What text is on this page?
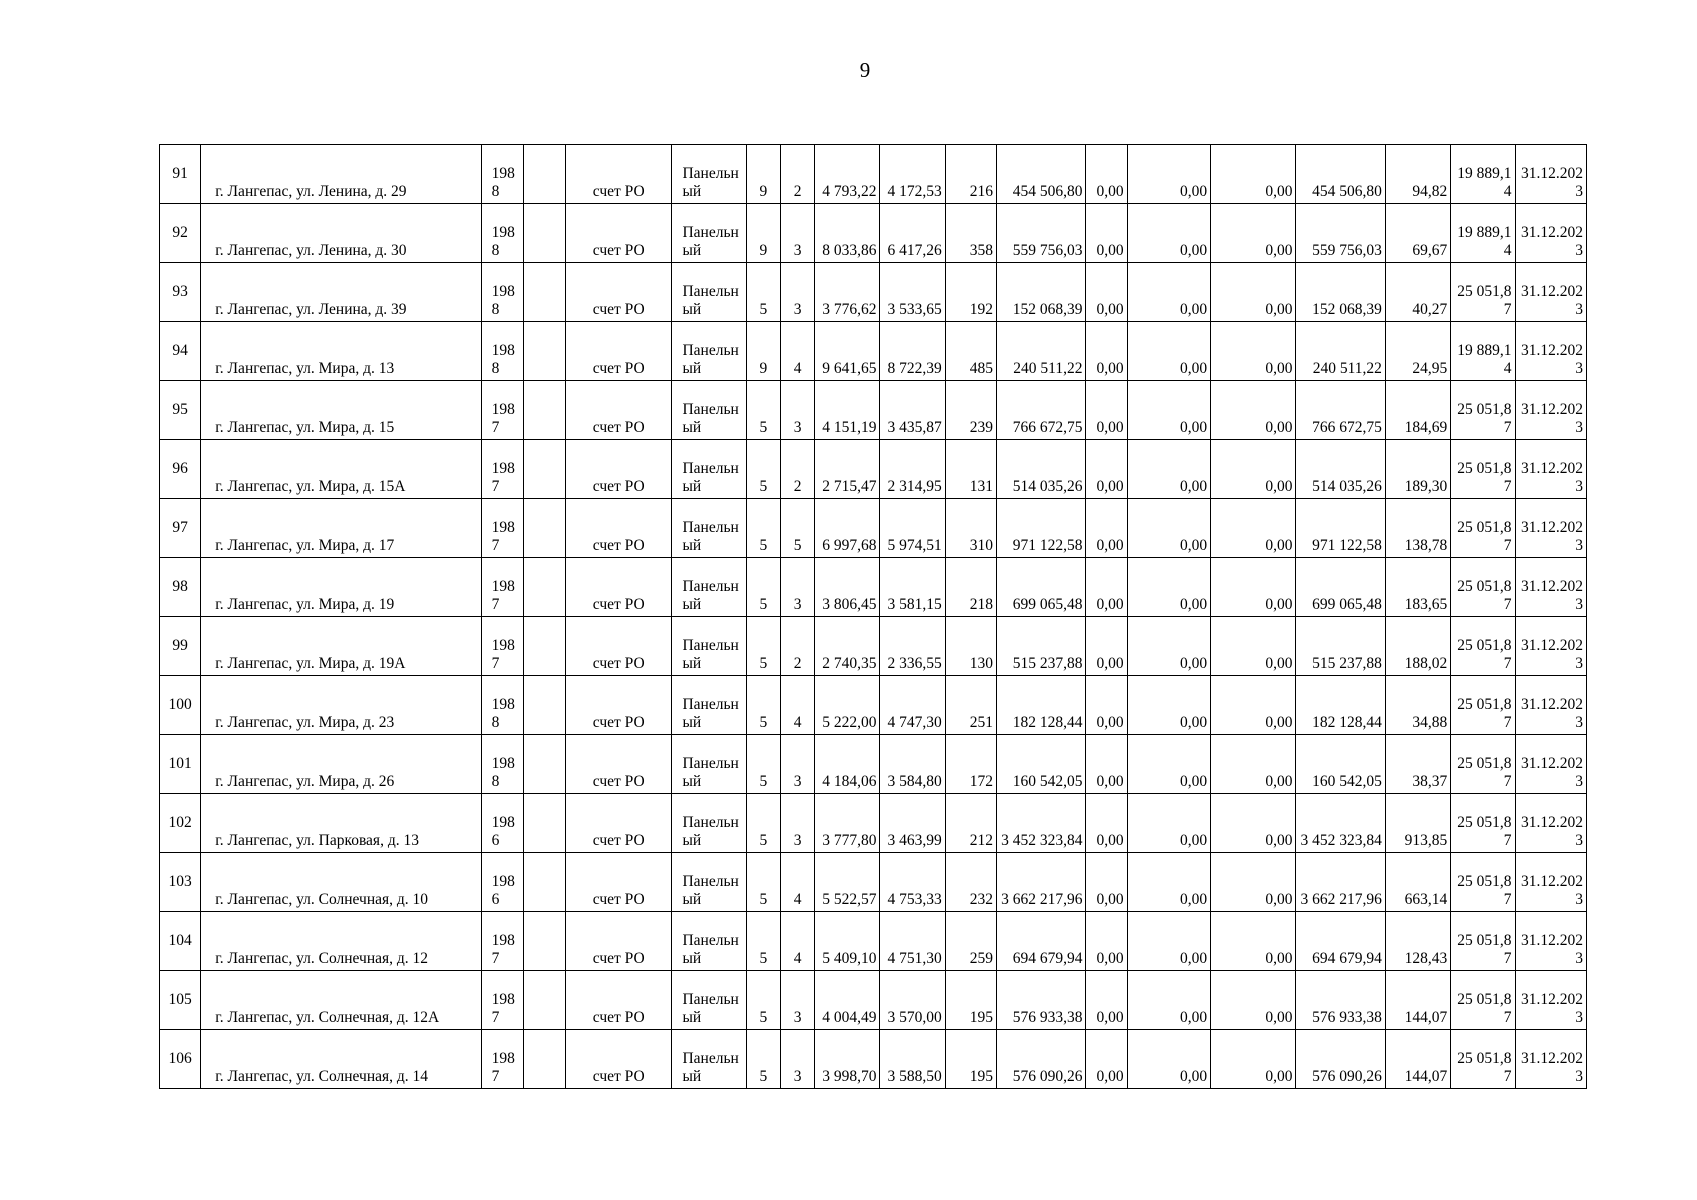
9
91	г. Лангепас, ул. Ленина, д. 29	1988		счет РО	Панельный	9	2	4 793,22	4 172,53	216	454 506,80	0,00	0,00	0,00	454 506,80	94,82	19 889,14	31.12.2023
92	г. Лангепас, ул. Ленина, д. 30	1988		счет РО	Панельный	9	3	8 033,86	6 417,26	358	559 756,03	0,00	0,00	0,00	559 756,03	69,67	19 889,14	31.12.2023
93	г. Лангепас, ул. Ленина, д. 39	1988		счет РО	Панельный	5	3	3 776,62	3 533,65	192	152 068,39	0,00	0,00	0,00	152 068,39	40,27	25 051,87	31.12.2023
94	г. Лангепас, ул. Мира, д. 13	1988		счет РО	Панельный	9	4	9 641,65	8 722,39	485	240 511,22	0,00	0,00	0,00	240 511,22	24,95	19 889,14	31.12.2023
95	г. Лангепас, ул. Мира, д. 15	1987		счет РО	Панельный	5	3	4 151,19	3 435,87	239	766 672,75	0,00	0,00	0,00	766 672,75	184,69	25 051,87	31.12.2023
96	г. Лангепас, ул. Мира, д. 15А	1987		счет РО	Панельный	5	2	2 715,47	2 314,95	131	514 035,26	0,00	0,00	0,00	514 035,26	189,30	25 051,87	31.12.2023
97	г. Лангепас, ул. Мира, д. 17	1987		счет РО	Панельный	5	5	6 997,68	5 974,51	310	971 122,58	0,00	0,00	0,00	971 122,58	138,78	25 051,87	31.12.2023
98	г. Лангепас, ул. Мира, д. 19	1987		счет РО	Панельный	5	3	3 806,45	3 581,15	218	699 065,48	0,00	0,00	0,00	699 065,48	183,65	25 051,87	31.12.2023
99	г. Лангепас, ул. Мира, д. 19А	1987		счет РО	Панельный	5	2	2 740,35	2 336,55	130	515 237,88	0,00	0,00	0,00	515 237,88	188,02	25 051,87	31.12.2023
100	г. Лангепас, ул. Мира, д. 23	1988		счет РО	Панельный	5	4	5 222,00	4 747,30	251	182 128,44	0,00	0,00	0,00	182 128,44	34,88	25 051,87	31.12.2023
101	г. Лангепас, ул. Мира, д. 26	1988		счет РО	Панельный	5	3	4 184,06	3 584,80	172	160 542,05	0,00	0,00	0,00	160 542,05	38,37	25 051,87	31.12.2023
102	г. Лангепас, ул. Парковая, д. 13	1986		счет РО	Панельный	5	3	3 777,80	3 463,99	212	3 452 323,84	0,00	0,00	0,00	3 452 323,84	913,85	25 051,87	31.12.2023
103	г. Лангепас, ул. Солнечная, д. 10	1986		счет РО	Панельный	5	4	5 522,57	4 753,33	232	3 662 217,96	0,00	0,00	0,00	3 662 217,96	663,14	25 051,87	31.12.2023
104	г. Лангепас, ул. Солнечная, д. 12	1987		счет РО	Панельный	5	4	5 409,10	4 751,30	259	694 679,94	0,00	0,00	0,00	694 679,94	128,43	25 051,87	31.12.2023
105	г. Лангепас, ул. Солнечная, д. 12А	1987		счет РО	Панельный	5	3	4 004,49	3 570,00	195	576 933,38	0,00	0,00	0,00	576 933,38	144,07	25 051,87	31.12.2023
106	г. Лангепас, ул. Солнечная, д. 14	1987		счет РО	Панельный	5	3	3 998,70	3 588,50	195	576 090,26	0,00	0,00	0,00	576 090,26	144,07	25 051,87	31.12.2023
